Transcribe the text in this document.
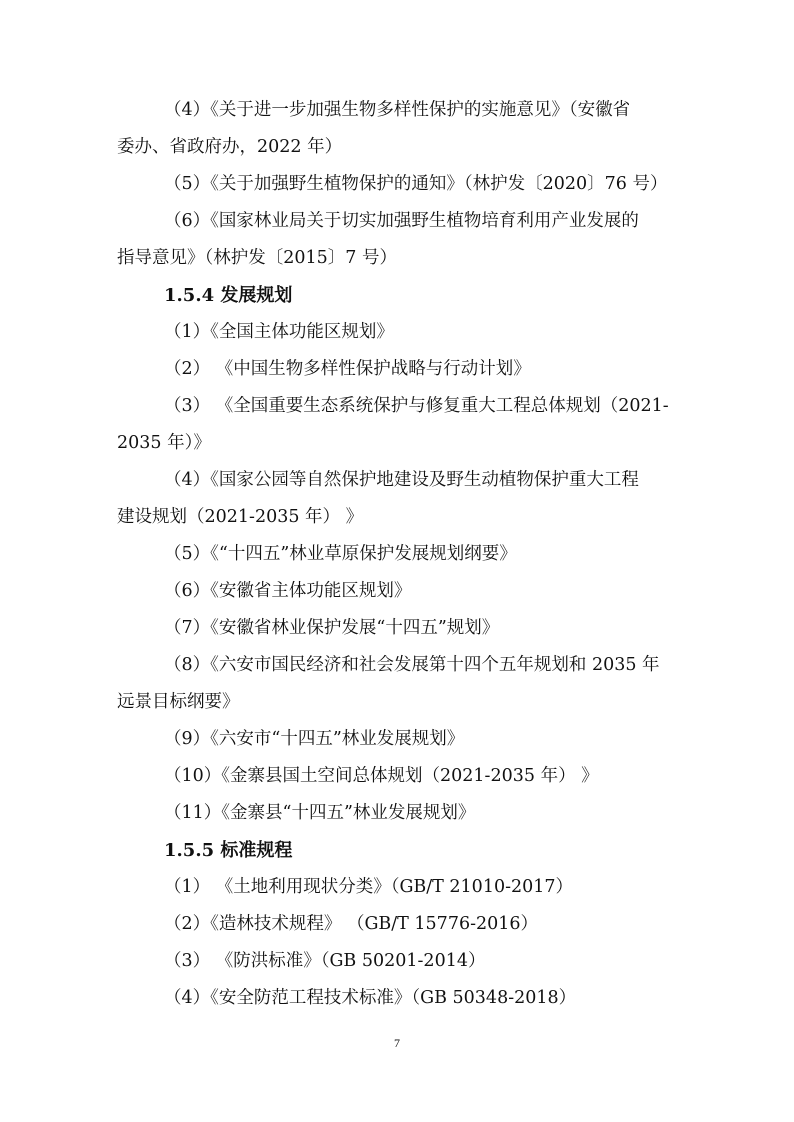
（4）《关于进一步加强生物多样性保护的实施意见》（安徽省
委办、省政府办，2022 年）
（5）《关于加强野生植物保护的通知》（林护发〔2020〕76 号）
（6）《国家林业局关于切实加强野生植物培育利用产业发展的
指导意见》（林护发〔2015〕7 号）
1.5.4 发展规划
（1）《全国主体功能区规划》
（2） 《中国生物多样性保护战略与行动计划》
（3） 《全国重要生态系统保护与修复重大工程总体规划（2021-
2035 年）》
（4）《国家公园等自然保护地建设及野生动植物保护重大工程
建设规划（2021-2035 年） 》
（5）《“十四五”林业草原保护发展规划纲要》
（6）《安徽省主体功能区规划》
（7）《安徽省林业保护发展“十四五”规划》
（8）《六安市国民经济和社会发展第十四个五年规划和 2035 年
远景目标纲要》
（9）《六安市“十四五”林业发展规划》
（10）《金寨县国土空间总体规划（2021-2035 年） 》
（11）《金寨县“十四五”林业发展规划》
1.5.5 标准规程
（1） 《土地利用现状分类》（GB/T 21010-2017）
（2）《造林技术规程》 （GB/T 15776-2016）
（3） 《防洪标准》（GB 50201-2014）
（4）《安全防范工程技术标准》（GB 50348-2018）
7
